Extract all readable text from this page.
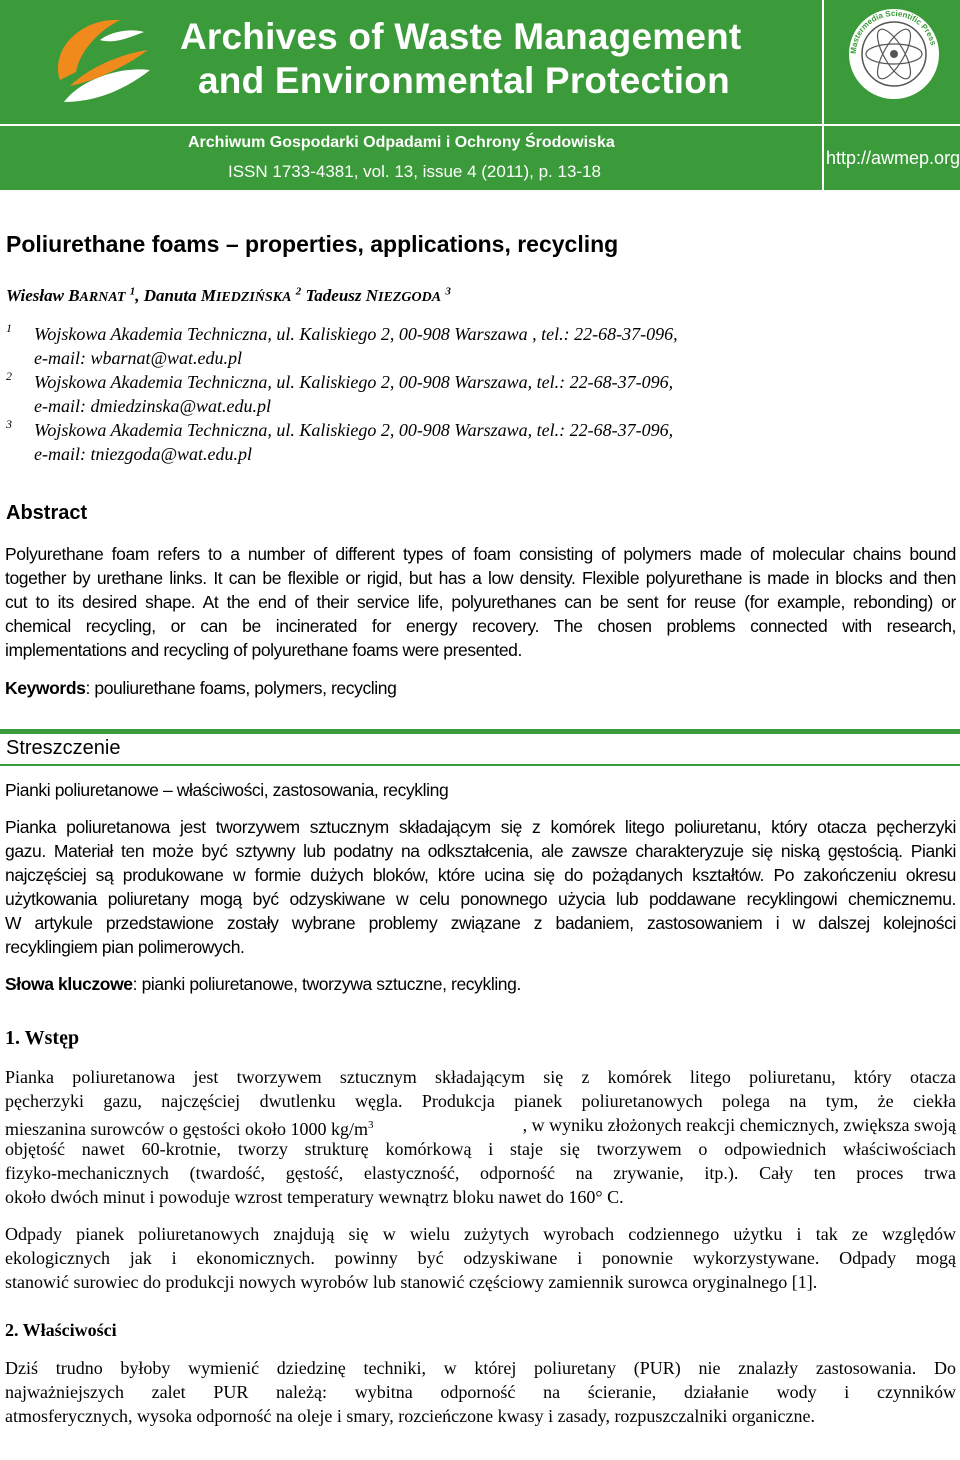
Archives of Waste Management
and Environmental Protection
Mastermedia Scientific Press
Archiwum Gospodarki Odpadami i Ochrony Środowiska
ISSN 1733-4381, vol. 13, issue 4 (2011), p. 13-18
http://awmep.org
Poliurethane foams – properties, applications, recycling
Wiesław BARNAT $^1$, Danuta MIEDZIŃSKA $^2$ Tadeusz NIEZGODA $^3$
1 Wojskowa Akademia Techniczna, ul. Kaliskiego 2, 00-908 Warszawa , tel.: 22-68-37-096,
e-mail: wbarnat@wat.edu.pl
2 Wojskowa Akademia Techniczna, ul. Kaliskiego 2, 00-908 Warszawa, tel.: 22-68-37-096,
e-mail: dmiedzinska@wat.edu.pl
3 Wojskowa Akademia Techniczna, ul. Kaliskiego 2, 00-908 Warszawa, tel.: 22-68-37-096,
e-mail: tniezgoda@wat.edu.pl
Abstract
Polyurethane foam refers to a number of different types of foam consisting of polymers made of molecular chains bound
together by urethane links. It can be flexible or rigid, but has a low density. Flexible polyurethane is made in blocks and then
cut to its desired shape. At the end of their service life, polyurethanes can be sent for reuse (for example, rebonding) or
chemical recycling, or can be incinerated for energy recovery. The chosen problems connected with research,
implementations and recycling of polyurethane foams were presented.
Keywords: pouliurethane foams, polymers, recycling
Streszczenie
Pianki poliuretanowe – właściwości, zastosowania, recykling
Pianka poliuretanowa jest tworzywem sztucznym składającym się z komórek litego poliuretanu, który otacza pęcherzyki
gazu. Materiał ten może być sztywny lub podatny na odkształcenia, ale zawsze charakteryzuje się niską gęstością. Pianki
najczęściej są produkowane w formie dużych bloków, które ucina się do pożądanych kształtów. Po zakończeniu okresu
użytkowania poliuretany mogą być odzyskiwane w celu ponownego użycia lub poddawane recyklingowi chemicznemu.
W artykule przedstawione zostały wybrane problemy związane z badaniem, zastosowaniem i w dalszej kolejności
recyklingiem pian polimerowych.
Słowa kluczowe: pianki poliuretanowe, tworzywa sztuczne, recykling.
1. Wstęp
Pianka poliuretanowa jest tworzywem sztucznym składającym się z komórek litego poliuretanu, który otacza
pęcherzyki gazu, najczęściej dwutlenku węgla. Produkcja pianek poliuretanowych polega na tym, że ciekła
mieszanina surowców o gęstości około 1000 $kg/m^3$	, w wyniku złożonych reakcji chemicznych, zwiększa swoją
objętość nawet 60-krotnie, tworzy strukturę komórkową i staje się tworzywem o odpowiednich właściwościach
fizyko-mechanicznych (twardość, gęstość, elastyczność, odporność na zrywanie, itp.). Cały ten proces trwa
około dwóch minut i powoduje wzrost temperatury wewnątrz bloku nawet do 160° C.
Odpady pianek poliuretanowych znajdują się w wielu zużytych wyrobach codziennego użytku i tak ze względów
ekologicznych jak i ekonomicznych. powinny być odzyskiwane i ponownie wykorzystywane. Odpady mogą
stanowić surowiec do produkcji nowych wyrobów lub stanowić częściowy zamiennik surowca oryginalnego [1].
2. Właściwości
Dziś trudno byłoby wymienić dziedzinę techniki, w której poliuretany (PUR) nie znalazły zastosowania. Do
najważniejszych zalet PUR należą: wybitna odporność na ścieranie, działanie wody i czynników
atmosferycznych, wysoka odporność na oleje i smary, rozcieńczone kwasy i zasady, rozpuszczalniki organiczne.
